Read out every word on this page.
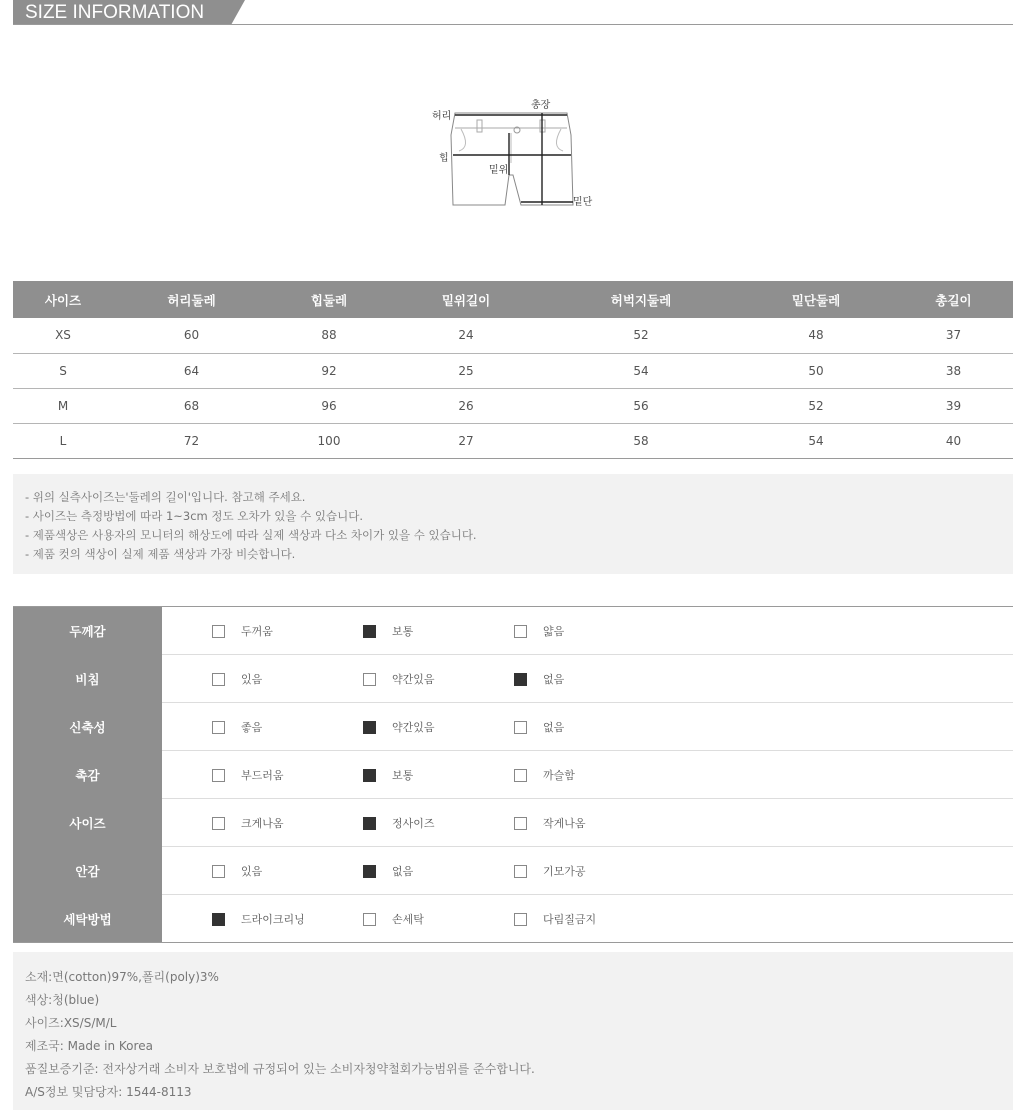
SIZE INFORMATION
허리
총장
힙
밑위
밑단
사이즈	허리둘레	힙둘레	밑위길이	허벅지둘레	밑단둘레	총길이
XS	60	88	24	52	48	37
S	64	92	25	54	50	38
M	68	96	26	56	52	39
L	72	100	27	58	54	40
- 위의 실측사이즈는'둘레의 길이'입니다. 참고해 주세요.
- 사이즈는 측정방법에 따라 1~3cm 정도 오차가 있을 수 있습니다.
- 제품색상은 사용자의 모니터의 해상도에 따라 실제 색상과 다소 차이가 있을 수 있습니다.
- 제품 컷의 색상이 실제 제품 색상과 가장 비슷합니다.
두께감	두꺼움 보통 얇음

비침	있음 약간있음 없음

신축성	좋음 약간있음 없음

촉감	부드러움 보통 까슬함

사이즈	크게나옴 정사이즈 작게나옴

안감	있음 없음 기모가공

세탁방법	드라이크리닝 손세탁 다림질금지
소재:면(cotton)97%,폴리(poly)3%
색상:청(blue)
사이즈:XS/S/M/L
제조국: Made in Korea
품질보증기준: 전자상거래 소비자 보호법에 규정되어 있는 소비자청약철회가능범위를 준수합니다.
A/S정보 및담당자: 1544-8113
